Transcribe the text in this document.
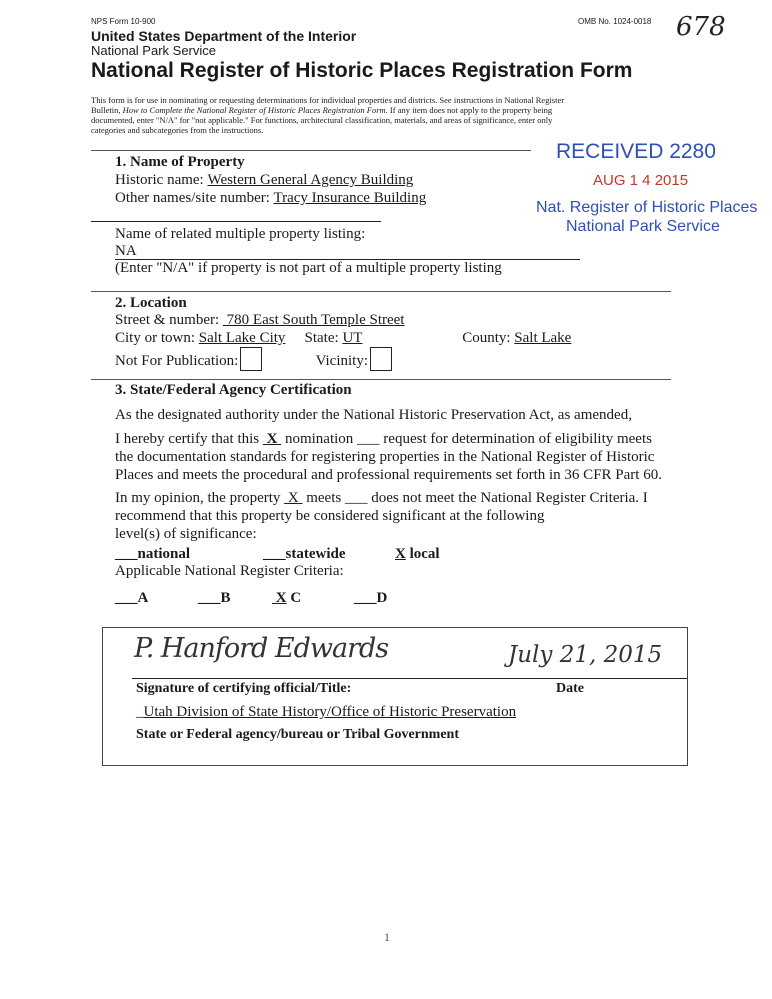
NPS Form 10-900	OMB No. 1024-0018 678
United States Department of the Interior
National Park Service
National Register of Historic Places Registration Form
This form is for use in nominating or requesting determinations for individual properties and districts. See instructions in National Register
Bulletin, How to Complete the National Register of Historic Places Registration Form. If any item does not apply to the property being
documented, enter "N/A" for "not applicable." For functions, architectural classification, materials, and areas of significance, enter only
categories and subcategories from the instructions.
RECEIVED 2280
AUG 1 4 2015
Nat. Register of Historic Places
National Park Service
1. Name of Property
Historic name: Western General Agency Building
Other names/site number: Tracy Insurance Building
Name of related multiple property listing:
NA
(Enter "N/A" if property is not part of a multiple property listing
2. Location
Street & number: 780 East South Temple Street
City or town: Salt Lake City State: UT	County: Salt Lake
Not For Publication:	Vicinity:
3. State/Federal Agency Certification
As the designated authority under the National Historic Preservation Act, as amended,
I hereby certify that this  X  nomination ___ request for determination of eligibility meets
the documentation standards for registering properties in the National Register of Historic
Places and meets the procedural and professional requirements set forth in 36 CFR Part 60.
In my opinion, the property  X  meets ___ does not meet the National Register Criteria. I
recommend that this property be considered significant at the following
level(s) of significance:
___national	___statewide	X local
Applicable National Register Criteria:
___A	___B	X C	___D
P. Hanford Edwards	July 21, 2015
Signature of certifying official/Title:	Date
_Utah Division of State History/Office of Historic Preservation
State or Federal agency/bureau or Tribal Government
1
